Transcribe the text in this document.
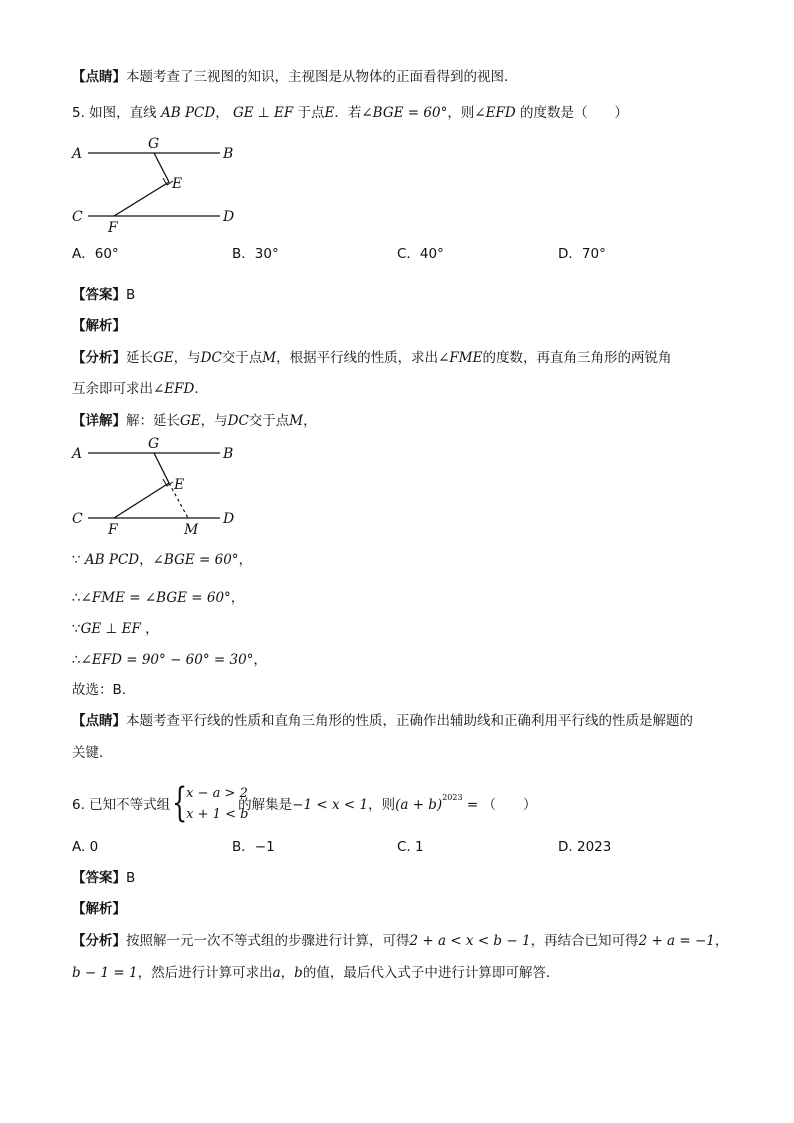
【点睛】本题考查了三视图的知识，主视图是从物体的正面看得到的视图．
5. 如图，直线 AB PCD， GE ⊥ EF 于点E．若∠BGE = 60°，则∠EFD 的度数是（　　）
A	B
G
E
C	D
F
A．60°	B．30°	C．40°	D．70°
【答案】B
【解析】
【分析】延长GE，与DC交于点M，根据平行线的性质，求出∠FME的度数，再直角三角形的两锐角
互余即可求出∠EFD．
【详解】解：延长GE，与DC交于点M，
A	B
G
E
C	D
F	M
∵ AB PCD，∠BGE = 60°，
∴∠FME = ∠BGE = 60°，
∵GE ⊥ EF ，
∴∠EFD = 90° − 60° = 30°，
故选：B．
【点睛】本题考查平行线的性质和直角三角形的性质，正确作出辅助线和正确利用平行线的性质是解题的
关键．
6. 已知不等式组 {
x − a > 2
x + 1 < b
的解集是−1 < x < 1，则$(a + b)^{2023}$ = （　　）
A. 0	B．−1	C. 1	D. 2023
【答案】B
【解析】
【分析】按照解一元一次不等式组的步骤进行计算，可得2 + a < x < b − 1，再结合已知可得2 + a = −1，
b − 1 = 1，然后进行计算可求出a，b的值，最后代入式子中进行计算即可解答．
